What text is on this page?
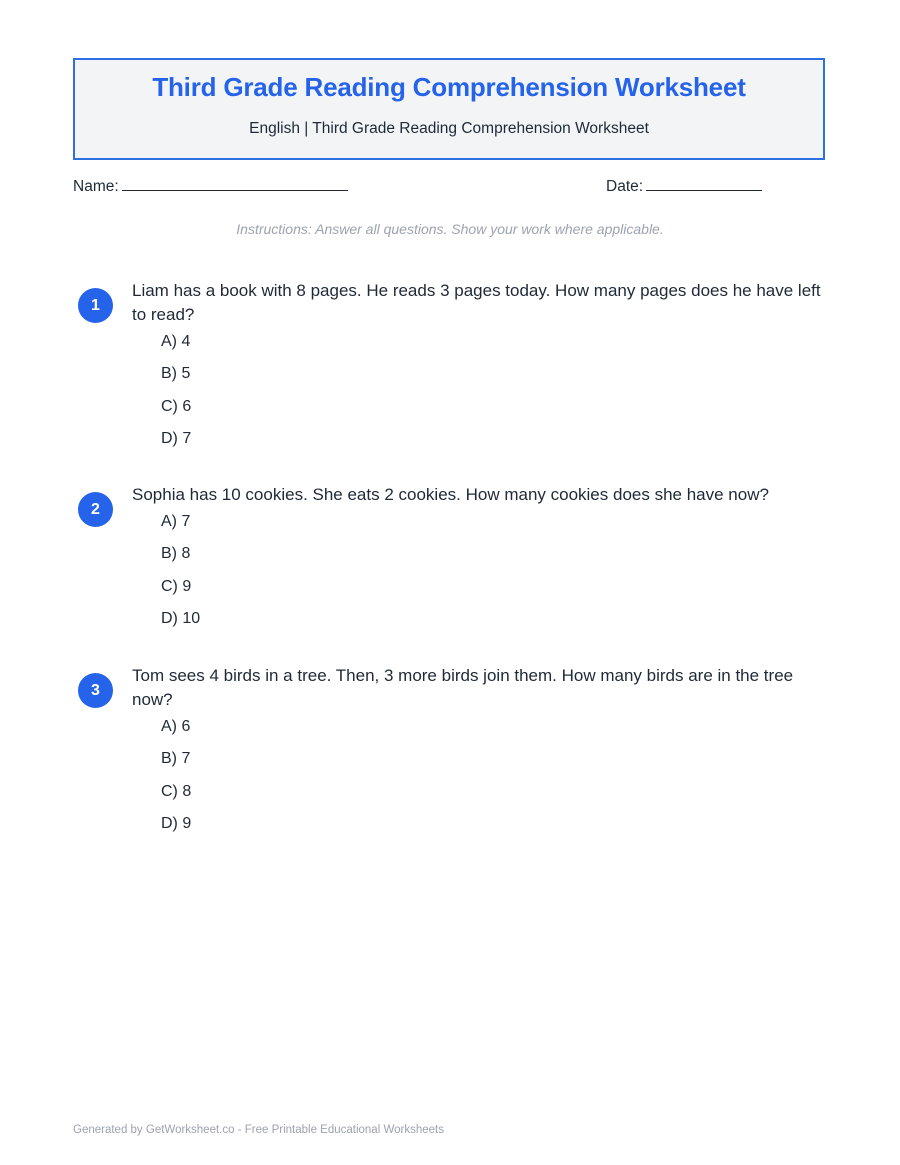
Third Grade Reading Comprehension Worksheet
English | Third Grade Reading Comprehension Worksheet
Name:	Date:
Instructions: Answer all questions. Show your work where applicable.
1
Liam has a book with 8 pages. He reads 3 pages today. How many pages does he have left to read?
A) 4
B) 5
C) 6
D) 7
2
Sophia has 10 cookies. She eats 2 cookies. How many cookies does she have now?
A) 7
B) 8
C) 9
D) 10
3
Tom sees 4 birds in a tree. Then, 3 more birds join them. How many birds are in the tree now?
A) 6
B) 7
C) 8
D) 9
Generated by GetWorksheet.co - Free Printable Educational Worksheets
